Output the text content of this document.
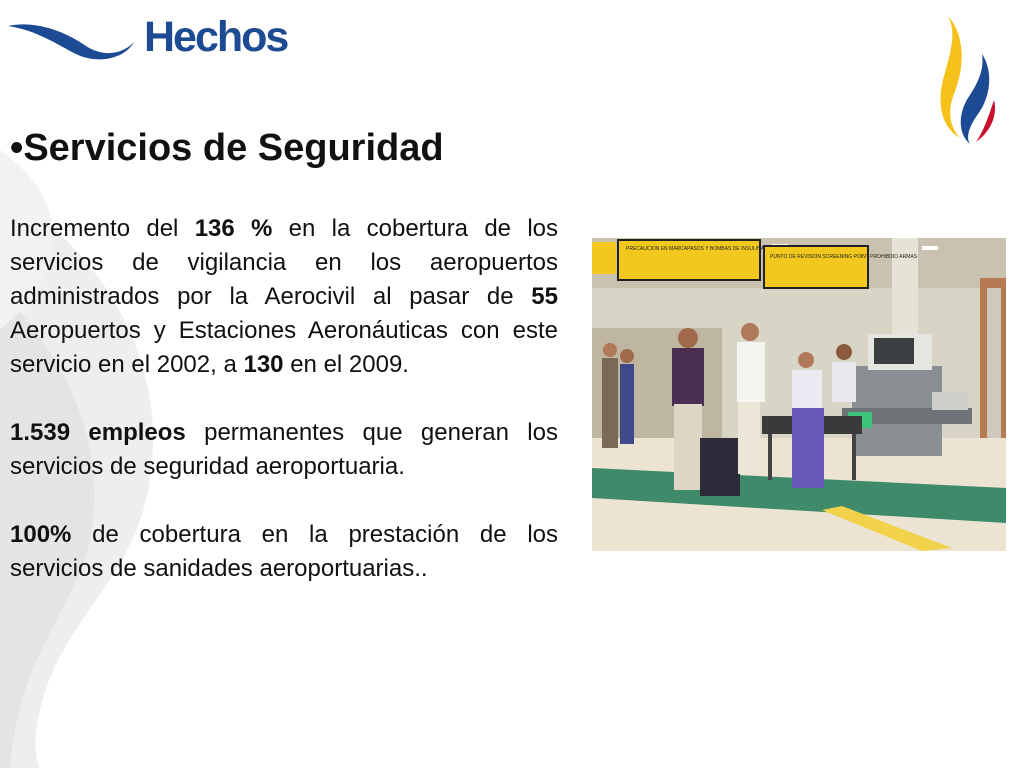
Hechos
•Servicios de Seguridad

Incremento del 136 % en la cobertura de los servicios de vigilancia en los aeropuertos administrados por la Aerocivil al pasar de 55 Aeropuertos y Estaciones Aeronáuticas con este servicio en el 2002, a 130 en el 2009.

1.539 empleos permanentes que generan los servicios de seguridad aeroportuaria.

100% de cobertura en la prestación de los servicios de sanidades aeroportuarias..

PRECAUCION EN MARCAPASOS Y BOMBAS DE INSULINA
PUNTO DE REVISION SCREENING POINT PROHIBIDO ARMAS
